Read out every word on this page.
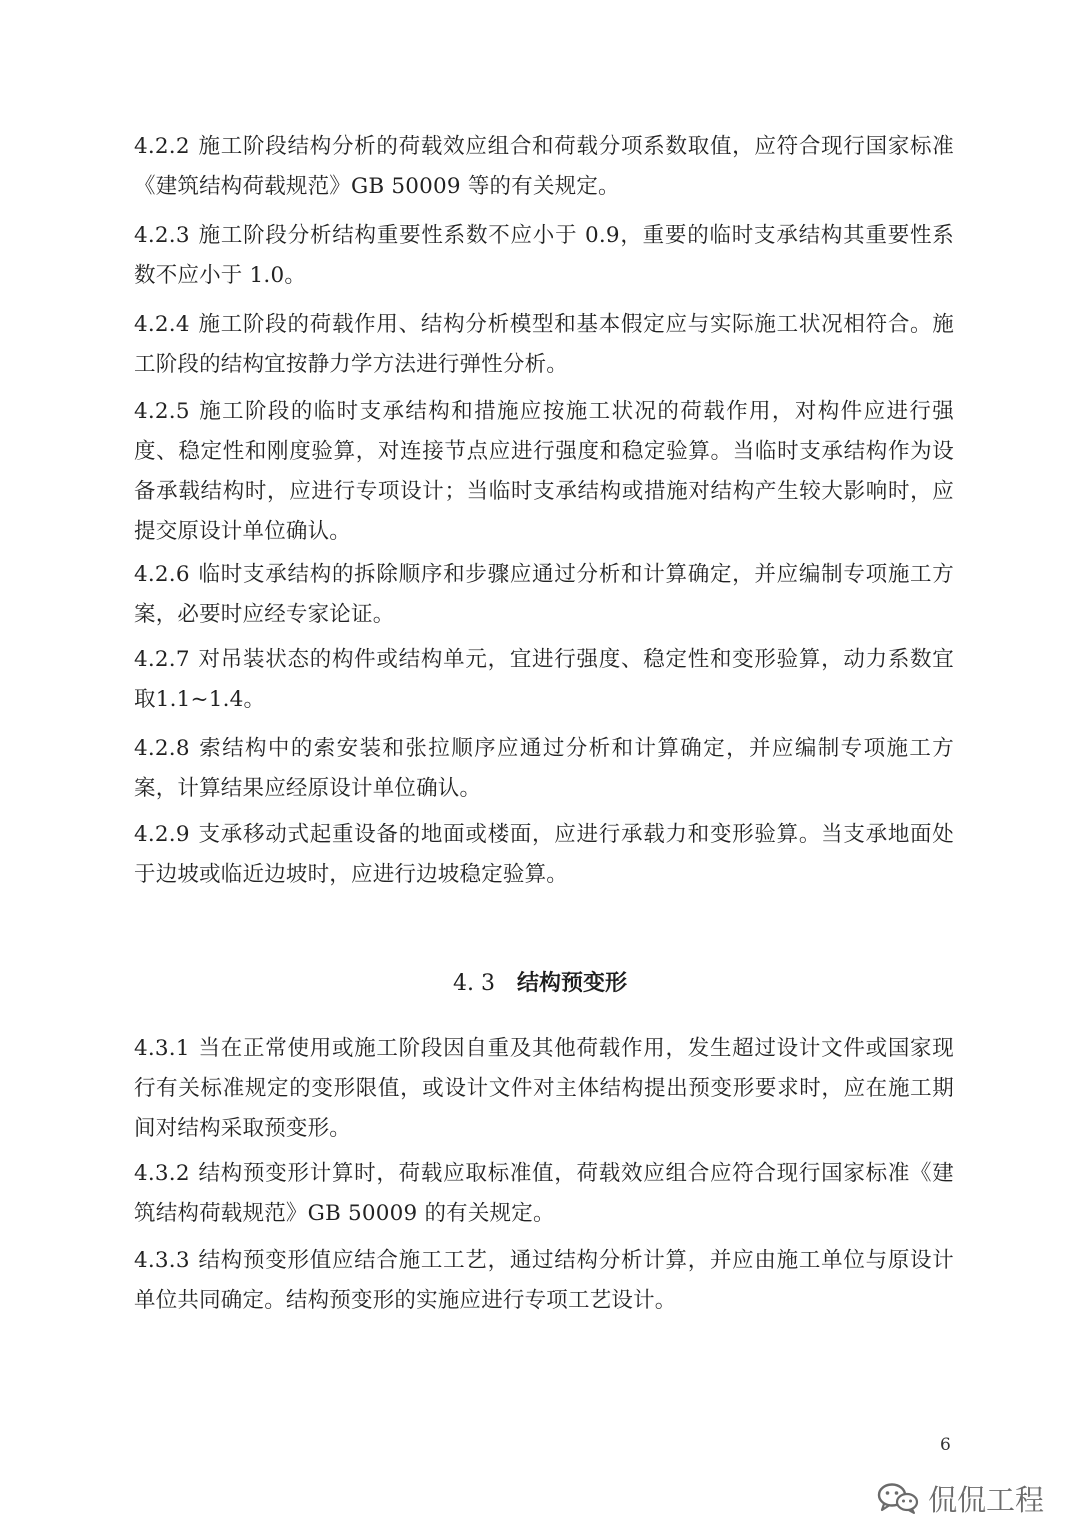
4.2.2 施工阶段结构分析的荷载效应组合和荷载分项系数取值，应符合现行国家标准《建筑结构荷载规范》GB 50009 等的有关规定。

4.2.3 施工阶段分析结构重要性系数不应小于 0.9，重要的临时支承结构其重要性系数不应小于 1.0。

4.2.4 施工阶段的荷载作用、结构分析模型和基本假定应与实际施工状况相符合。施工阶段的结构宜按静力学方法进行弹性分析。

4.2.5 施工阶段的临时支承结构和措施应按施工状况的荷载作用，对构件应进行强度、稳定性和刚度验算，对连接节点应进行强度和稳定验算。当临时支承结构作为设备承载结构时，应进行专项设计；当临时支承结构或措施对结构产生较大影响时，应提交原设计单位确认。

4.2.6 临时支承结构的拆除顺序和步骤应通过分析和计算确定，并应编制专项施工方案，必要时应经专家论证。

4.2.7 对吊装状态的构件或结构单元，宜进行强度、稳定性和变形验算，动力系数宜取1.1~1.4。

4.2.8 索结构中的索安装和张拉顺序应通过分析和计算确定，并应编制专项施工方案，计算结果应经原设计单位确认。

4.2.9 支承移动式起重设备的地面或楼面，应进行承载力和变形验算。当支承地面处于边坡或临近边坡时，应进行边坡稳定验算。

4. 3 结构预变形

4.3.1 当在正常使用或施工阶段因自重及其他荷载作用，发生超过设计文件或国家现行有关标准规定的变形限值，或设计文件对主体结构提出预变形要求时，应在施工期间对结构采取预变形。

4.3.2 结构预变形计算时，荷载应取标准值，荷载效应组合应符合现行国家标准《建筑结构荷载规范》GB 50009 的有关规定。

4.3.3 结构预变形值应结合施工工艺，通过结构分析计算，并应由施工单位与原设计单位共同确定。结构预变形的实施应进行专项工艺设计。

6
侃侃工程
